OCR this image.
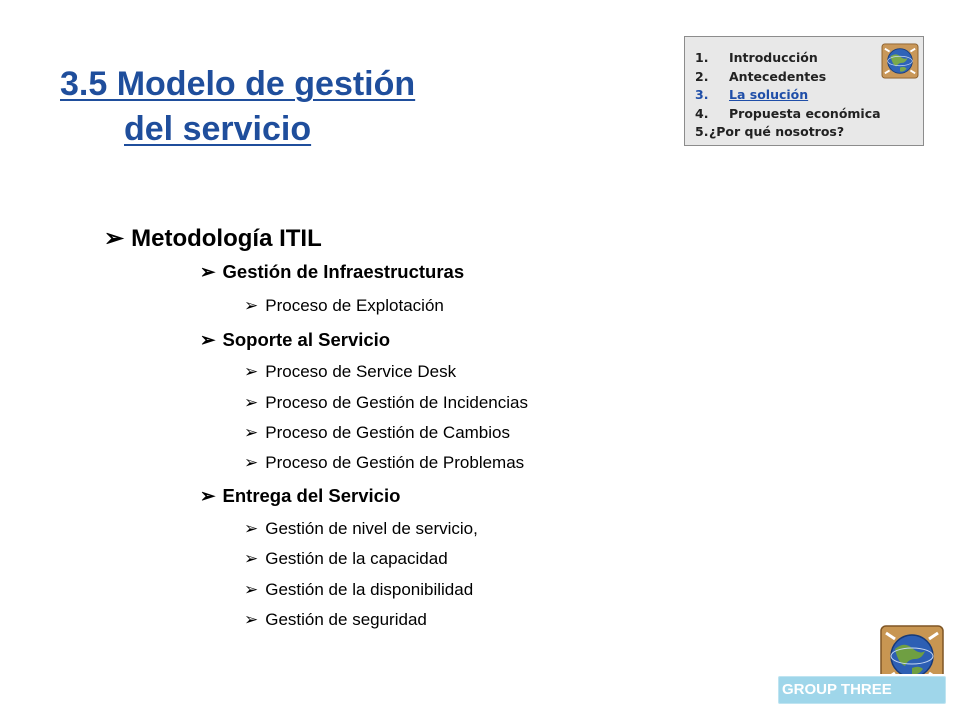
3.5 Modelo de gestión
del servicio
1. Introducción
2. Antecedentes
3. La solución
4. Propuesta económica
5.¿Por qué nosotros?
➢ Metodología ITIL
➢ Gestión de Infraestructuras
➢ Proceso de Explotación
➢ Soporte al Servicio
➢ Proceso de Service Desk
➢ Proceso de Gestión de Incidencias
➢ Proceso de Gestión de Cambios
➢ Proceso de Gestión de Problemas
➢ Entrega del Servicio
➢ Gestión de nivel de servicio,
➢ Gestión de la capacidad
➢ Gestión de la disponibilidad
➢ Gestión de seguridad
GROUP THREE
